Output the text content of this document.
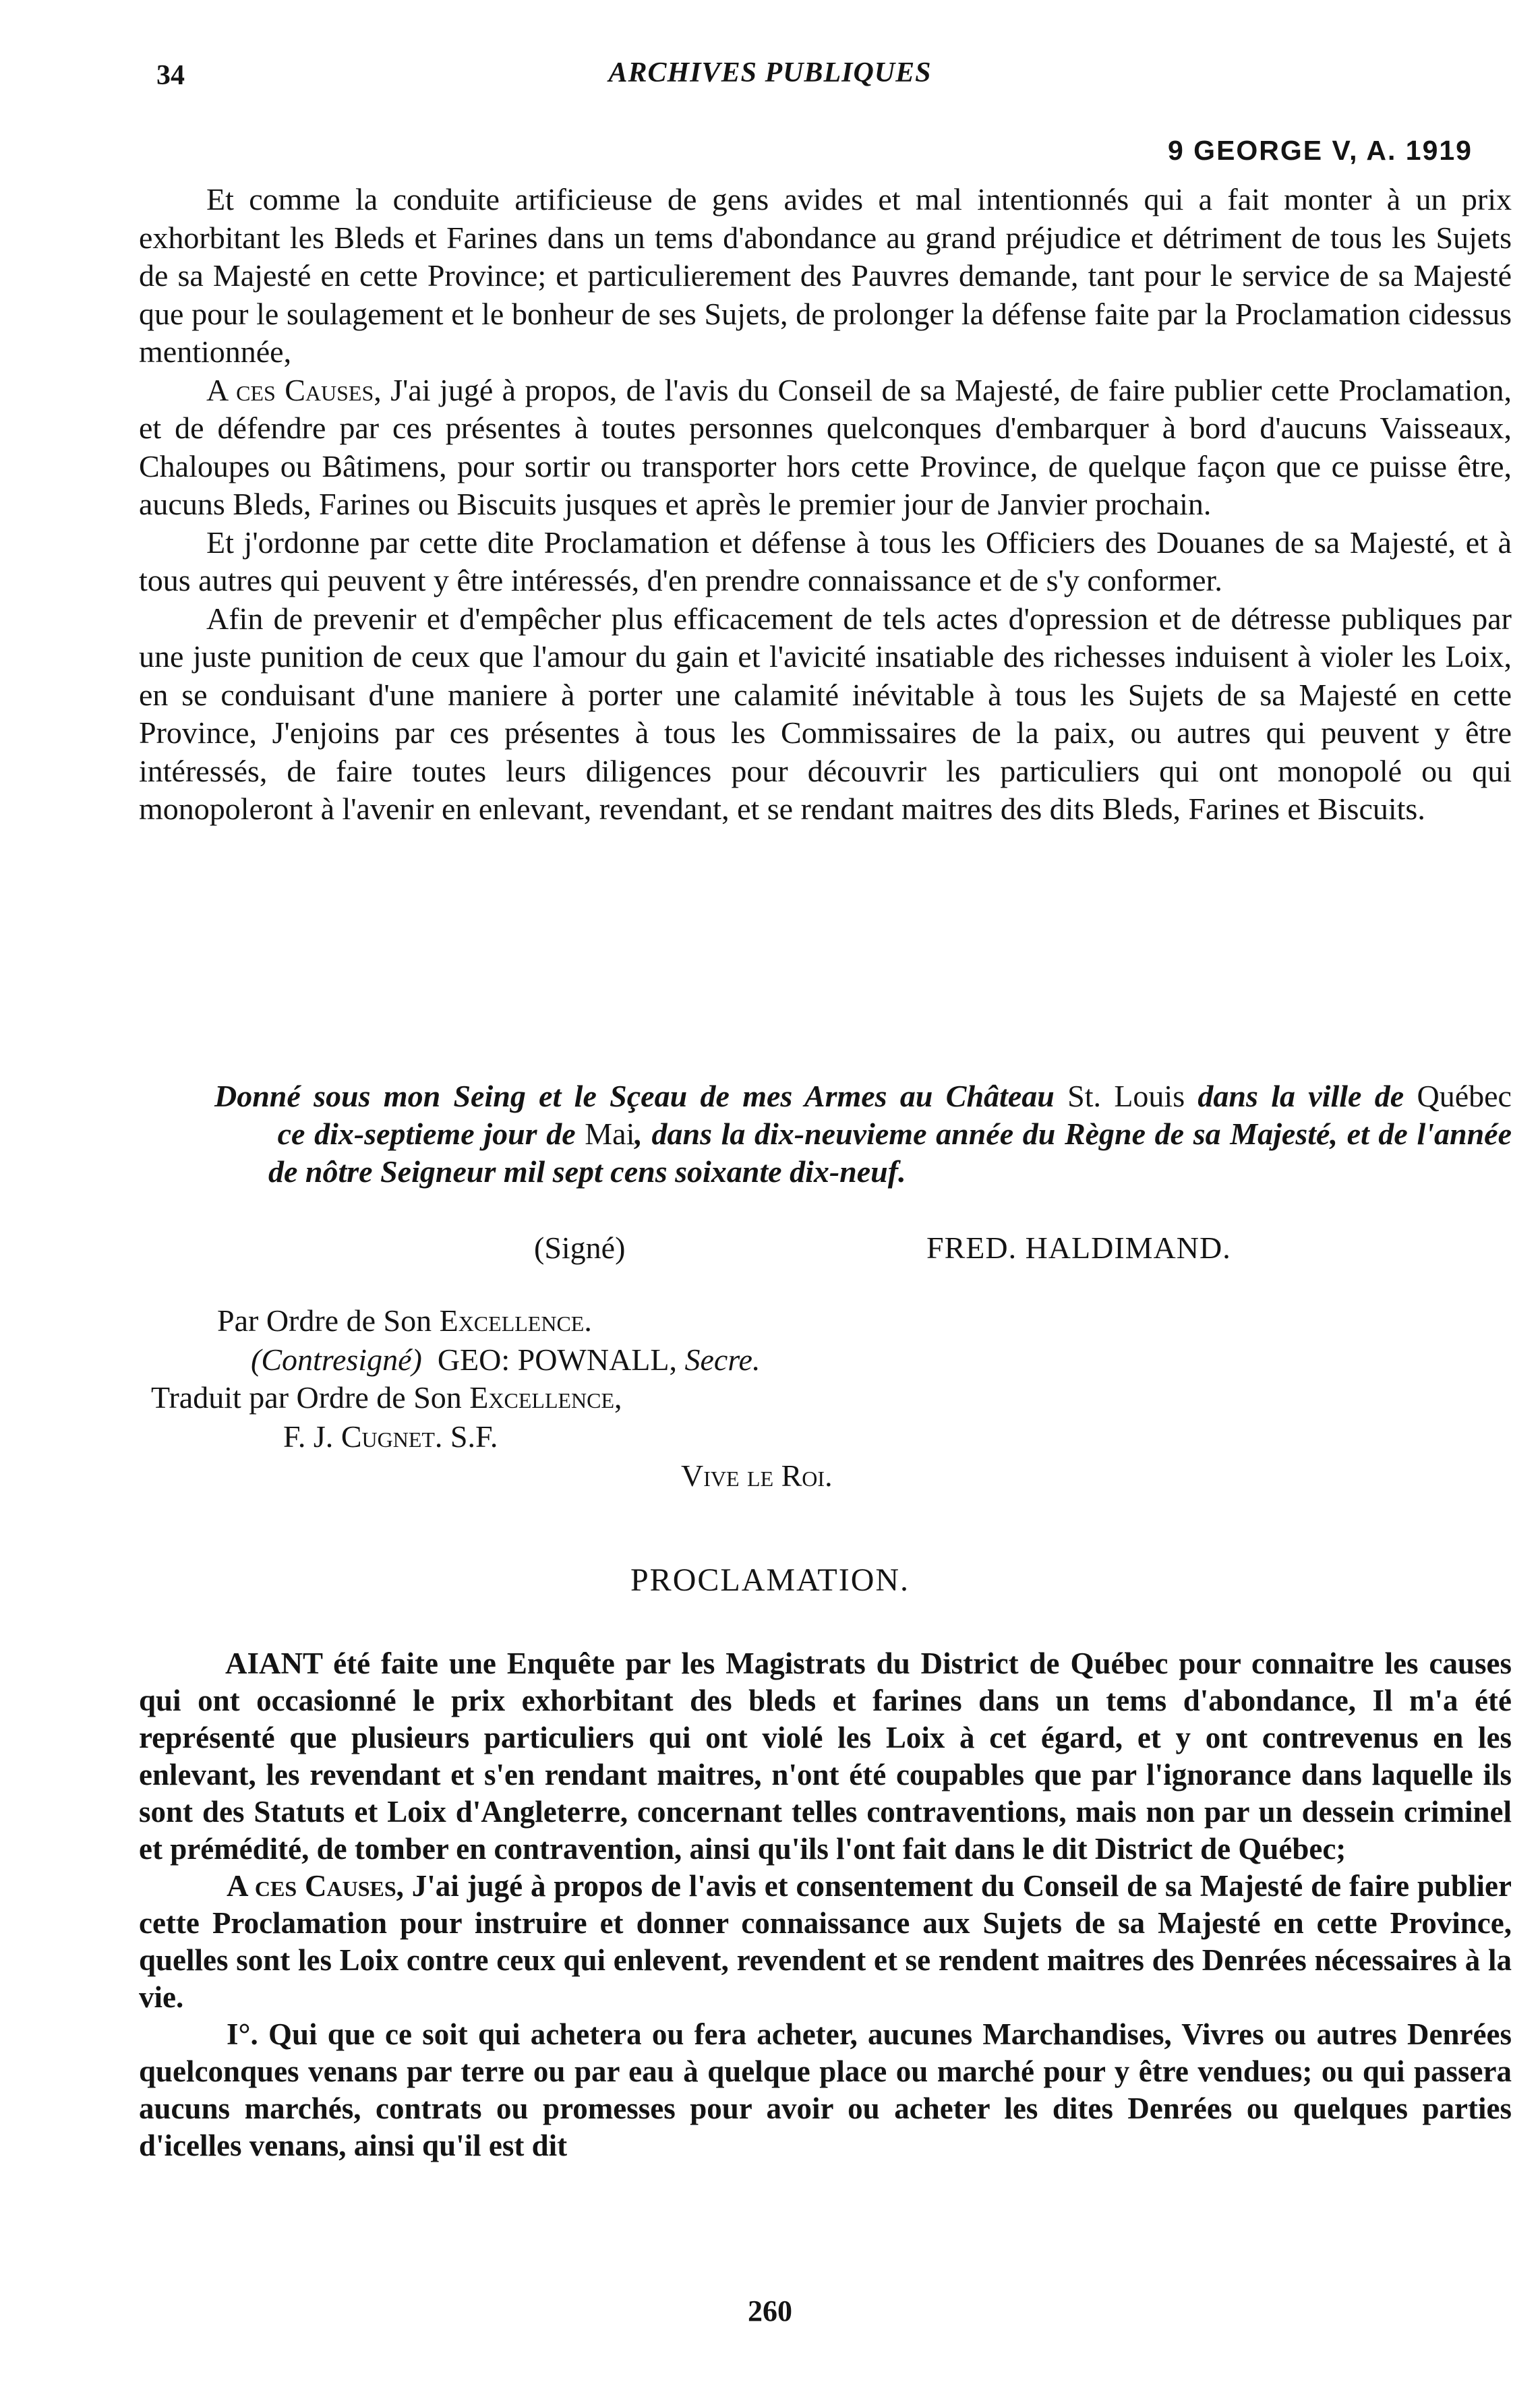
34	ARCHIVES PUBLIQUES
9 GEORGE V, A. 1919

Et comme la conduite artificieuse de gens avides et mal intentionnés qui a fait monter à un prix exhorbitant les Bleds et Farines dans un tems d'abondance au grand préjudice et détriment de tous les Sujets de sa Majesté en cette Province; et particulierement des Pauvres demande, tant pour le service de sa Majesté que pour le soulagement et le bonheur de ses Sujets, de prolonger la défense faite par la Proclamation cidessus mentionnée,

A ces Causes, J'ai jugé à propos, de l'avis du Conseil de sa Majesté, de faire publier cette Proclamation, et de défendre par ces présentes à toutes personnes quelconques d'embarquer à bord d'aucuns Vaisseaux, Chaloupes ou Bâtimens, pour sortir ou transporter hors cette Province, de quelque façon que ce puisse être, aucuns Bleds, Farines ou Biscuits jusques et après le premier jour de Janvier prochain.

Et j'ordonne par cette dite Proclamation et défense à tous les Officiers des Douanes de sa Majesté, et à tous autres qui peuvent y être intéressés, d'en prendre connaissance et de s'y conformer.

Afin de prevenir et d'empêcher plus efficacement de tels actes d'opression et de détresse publiques par une juste punition de ceux que l'amour du gain et l'avicité insatiable des richesses induisent à violer les Loix, en se conduisant d'une maniere à porter une calamité inévitable à tous les Sujets de sa Majesté en cette Province, J'enjoins par ces présentes à tous les Commissaires de la paix, ou autres qui peuvent y être intéressés, de faire toutes leurs diligences pour découvrir les particuliers qui ont monopolé ou qui monopoleront à l'avenir en enlevant, revendant, et se rendant maitres des dits Bleds, Farines et Biscuits.

Donné sous mon Seing et le Sçeau de mes Armes au Château St. Louis dans la ville de Québec ce dix-septieme jour de Mai, dans la dix-neuvieme année du Règne de sa Majesté, et de l'année de nôtre Seigneur mil sept cens soixante dix-neuf.
(Signé)	FRED. HALDIMAND.
Par Ordre de Son Excellence.
(Contresigné) GEO: POWNALL, Secre.
Traduit par Ordre de Son Excellence,
F. J. Cugnet. S.F.
Vive le Roi.
PROCLAMATION.

AIANT été faite une Enquête par les Magistrats du District de Québec pour connaitre les causes qui ont occasionné le prix exhorbitant des bleds et farines dans un tems d'abondance, Il m'a été représenté que plusieurs particuliers qui ont violé les Loix à cet égard, et y ont contrevenus en les enlevant, les revendant et s'en rendant maitres, n'ont été coupables que par l'ignorance dans laquelle ils sont des Statuts et Loix d'Angleterre, concernant telles contraventions, mais non par un dessein criminel et prémédité, de tomber en contravention, ainsi qu'ils l'ont fait dans le dit District de Québec;

A ces Causes, J'ai jugé à propos de l'avis et consentement du Conseil de sa Majesté de faire publier cette Proclamation pour instruire et donner connaissance aux Sujets de sa Majesté en cette Province, quelles sont les Loix contre ceux qui enlevent, revendent et se rendent maitres des Denrées nécessaires à la vie.

I°. Qui que ce soit qui achetera ou fera acheter, aucunes Marchandises, Vivres ou autres Denrées quelconques venans par terre ou par eau à quelque place ou marché pour y être vendues; ou qui passera aucuns marchés, contrats ou promesses pour avoir ou acheter les dites Denrées ou quelques parties d'icelles venans, ainsi qu'il est dit

260
